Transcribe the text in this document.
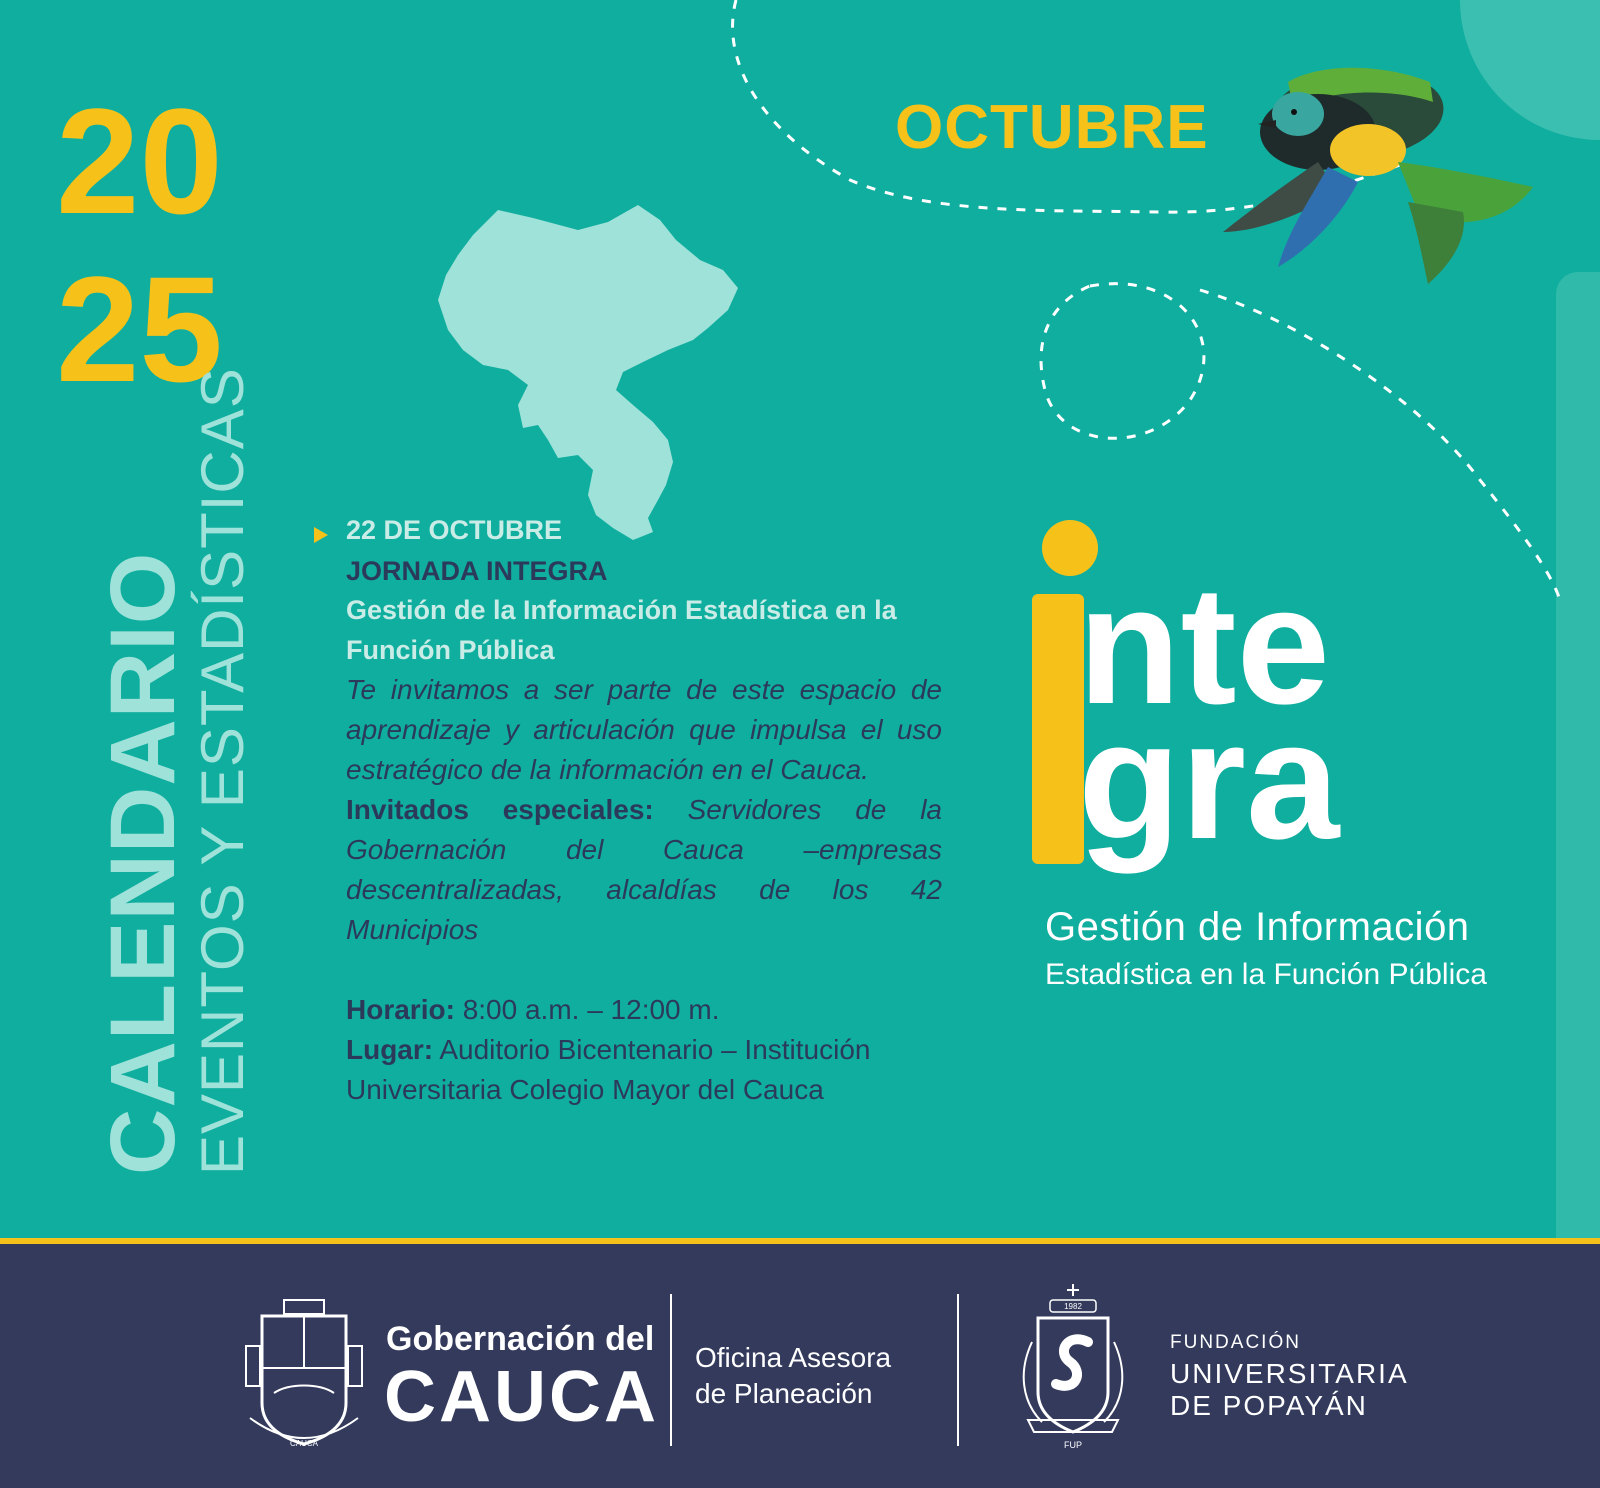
20
25
CALENDARIO
EVENTOS Y ESTADÍSTICAS
OCTUBRE
22 DE OCTUBRE
JORNADA INTEGRA
Gestión de la Información Estadística en la Función Pública
Te invitamos a ser parte de este espacio de aprendizaje y articulación que impulsa el uso estratégico de la información en el Cauca.
Invitados especiales: Servidores de la Gobernación del Cauca –empresas descentralizadas, alcaldías de los 42 Municipios
Horario: 8:00 a.m. – 12:00 m.
Lugar: Auditorio Bicentenario – Institución Universitaria Colegio Mayor del Cauca
nte
gra
Gestión de Información
Estadística en la Función Pública
CAUCA
Gobernación del
CAUCA Oficina Asesora
de Planeación
1982
FUP
FUNDACIÓN
UNIVERSITARIA
DE POPAYÁN
